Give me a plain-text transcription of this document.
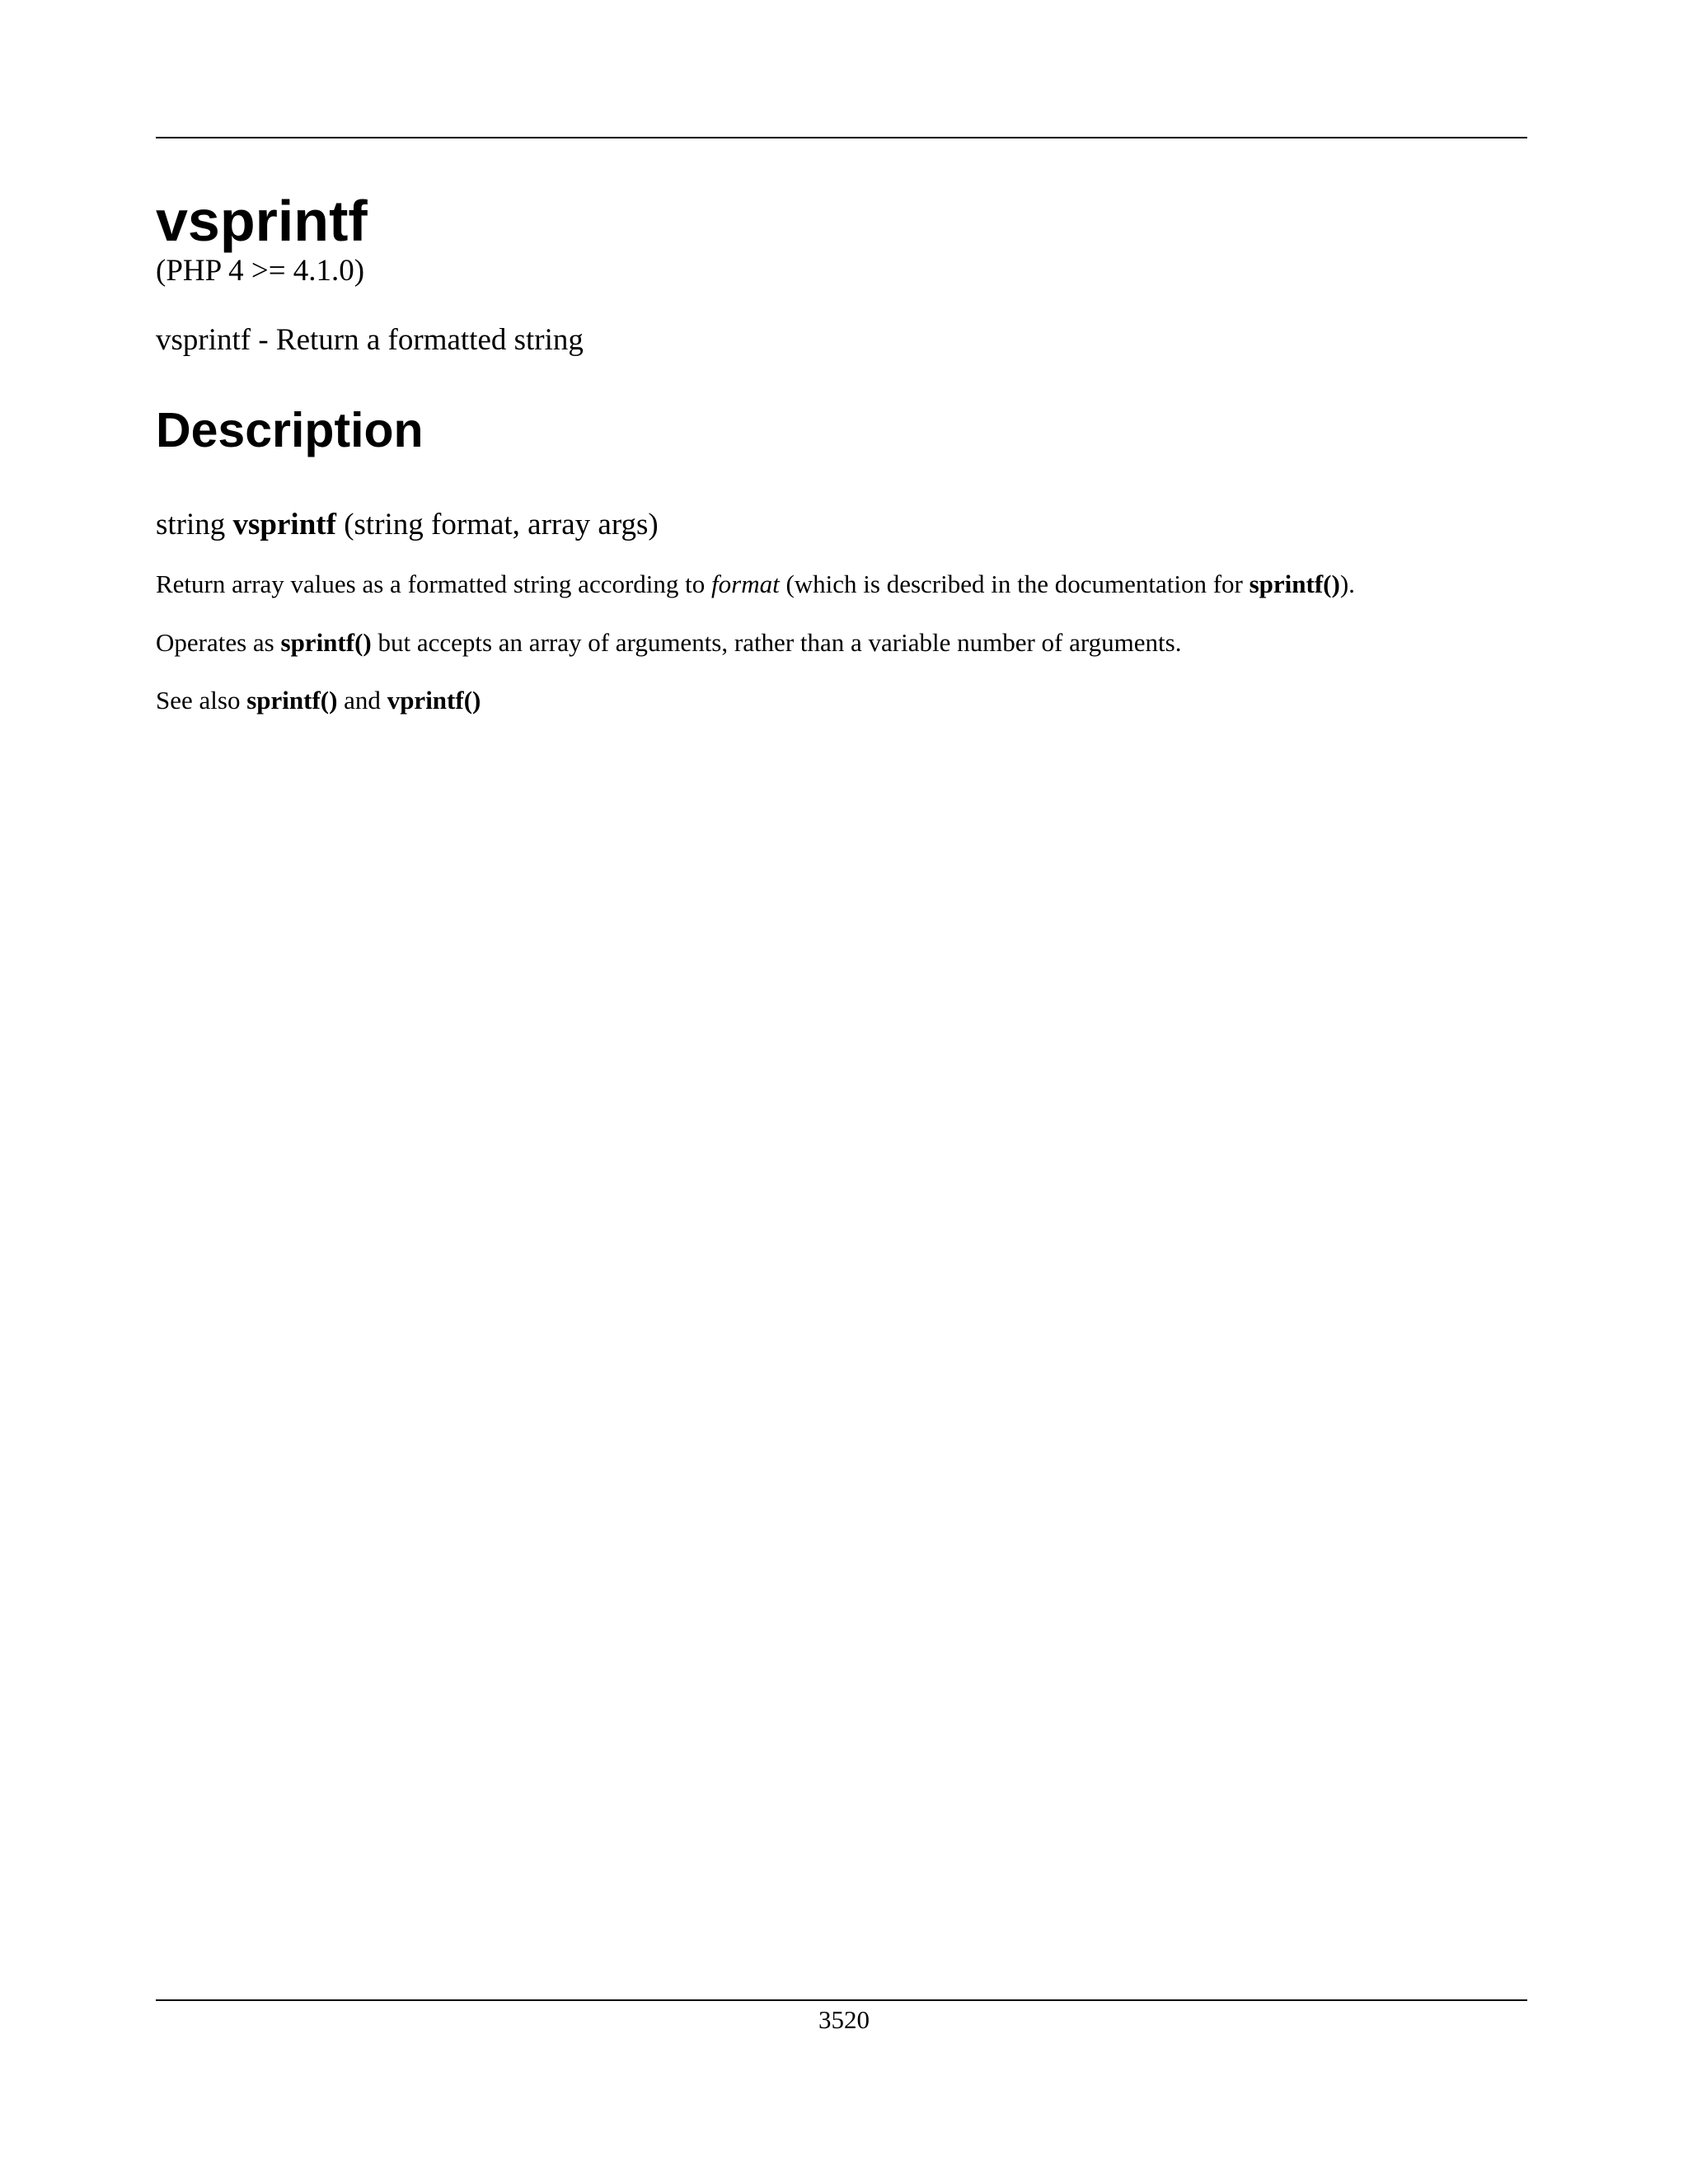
vsprintf
(PHP 4 >= 4.1.0)
vsprintf - Return a formatted string
Description
string vsprintf (string format, array args)
Return array values as a formatted string according to format (which is described in the documentation for sprintf()).
Operates as sprintf() but accepts an array of arguments, rather than a variable number of arguments.
See also sprintf() and vprintf()
3520
